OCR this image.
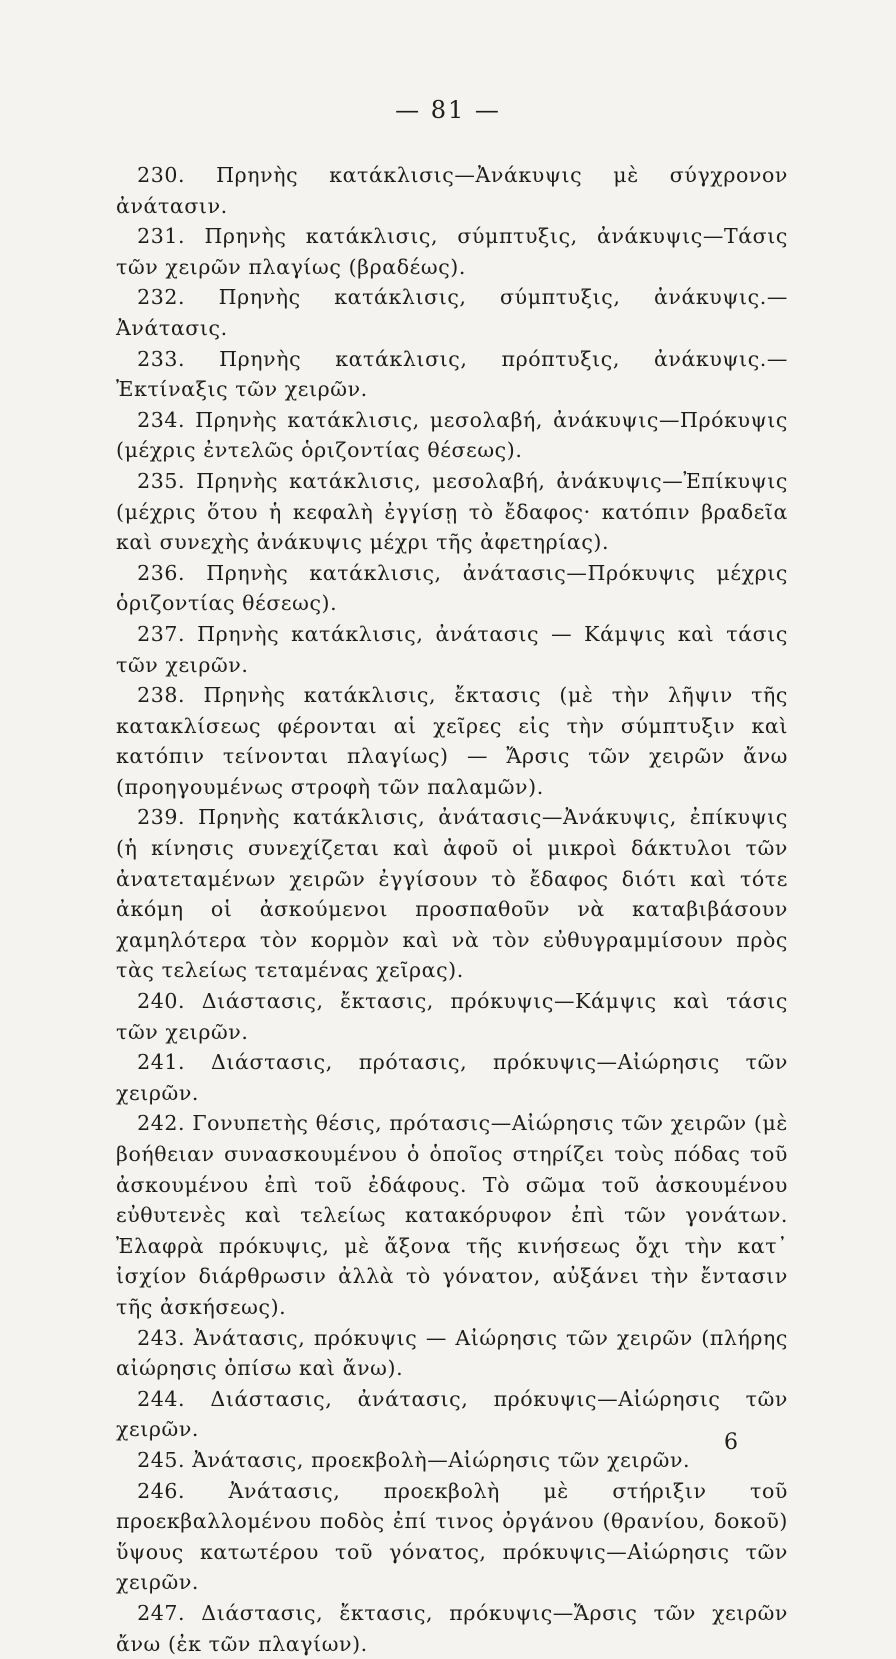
— 81 —

 230. Πρηνὴς κατάκλισις—Ἀνάκυψις μὲ σύγχρονον ἀνάτασιν.

 231. Πρηνὴς κατάκλισις, σύμπτυξις, ἀνάκυψις—Τάσις τῶν χειρῶν πλαγίως (βραδέως).

 232. Πρηνὴς κατάκλισις, σύμπτυξις, ἀνάκυψις.—Ἀνάτασις.

 233. Πρηνὴς κατάκλισις, πρόπτυξις, ἀνάκυψις.—Ἐκτίναξις τῶν χειρῶν.

 234. Πρηνὴς κατάκλισις, μεσολαβή, ἀνάκυψις—Πρόκυψις (μέχρις ἐντελῶς ὁριζοντίας θέσεως).

 235. Πρηνὴς κατάκλισις, μεσολαβή, ἀνάκυψις—Ἐπίκυψις (μέχρις ὅτου ἡ κεφαλὴ ἐγγίσῃ τὸ ἔδαφος· κατόπιν βραδεῖα καὶ συνεχὴς ἀνάκυψις μέχρι τῆς ἀφετηρίας).

 236. Πρηνὴς κατάκλισις, ἀνάτασις—Πρόκυψις μέχρις ὁριζοντίας θέσεως).

 237. Πρηνὴς κατάκλισις, ἀνάτασις — Κάμψις καὶ τάσις τῶν χειρῶν.

 238. Πρηνὴς κατάκλισις, ἔκτασις (μὲ τὴν λῆψιν τῆς κατακλίσεως φέρονται αἱ χεῖρες εἰς τὴν σύμπτυξιν καὶ κατόπιν τείνονται πλαγίως) — Ἄρσις τῶν χειρῶν ἄνω (προηγουμένως στροφὴ τῶν παλαμῶν).

 239. Πρηνὴς κατάκλισις, ἀνάτασις—Ἀνάκυψις, ἐπίκυψις (ἡ κίνησις συνεχίζεται καὶ ἀφοῦ οἱ μικροὶ δάκτυλοι τῶν ἀνατεταμένων χειρῶν ἐγγίσουν τὸ ἔδαφος διότι καὶ τότε ἀκόμη οἱ ἀσκούμενοι προσπαθοῦν νὰ καταβιβάσουν χαμηλότερα τὸν κορμὸν καὶ νὰ τὸν εὐθυγραμμίσουν πρὸς τὰς τελείως τεταμένας χεῖρας).

 240. Διάστασις, ἔκτασις, πρόκυψις—Κάμψις καὶ τάσις τῶν χειρῶν.

 241. Διάστασις, πρότασις, πρόκυψις—Αἰώρησις τῶν χειρῶν.

 242. Γονυπετὴς θέσις, πρότασις—Αἰώρησις τῶν χειρῶν (μὲ βοήθειαν συνασκουμένου ὁ ὁποῖος στηρίζει τοὺς πόδας τοῦ ἀσκουμένου ἐπὶ τοῦ ἐδάφους. Τὸ σῶμα τοῦ ἀσκουμένου εὐθυτενὲς καὶ τελείως κατακόρυφον ἐπὶ τῶν γονάτων. Ἐλαφρὰ πρόκυψις, μὲ ἄξονα τῆς κινήσεως ὄχι τὴν κατ᾽ ἰσχίον διάρθρωσιν ἀλλὰ τὸ γόνατον, αὐξάνει τὴν ἔντασιν τῆς ἀσκήσεως).

 243. Ἀνάτασις, πρόκυψις — Αἰώρησις τῶν χειρῶν (πλήρης αἰώρησις ὀπίσω καὶ ἄνω).

 244. Διάστασις, ἀνάτασις, πρόκυψις—Αἰώρησις τῶν χειρῶν.

 245. Ἀνάτασις, προεκβολὴ—Αἰώρησις τῶν χειρῶν.

 246. Ἀνάτασις, προεκβολὴ μὲ στήριξιν τοῦ προεκβαλλομένου ποδὸς ἐπί τινος ὀργάνου (θρανίου, δοκοῦ) ὕψους κατωτέρου τοῦ γόνατος, πρόκυψις—Αἰώρησις τῶν χειρῶν.

 247. Διάστασις, ἔκτασις, πρόκυψις—Ἄρσις τῶν χειρῶν ἄνω (ἐκ τῶν πλαγίων).

6
